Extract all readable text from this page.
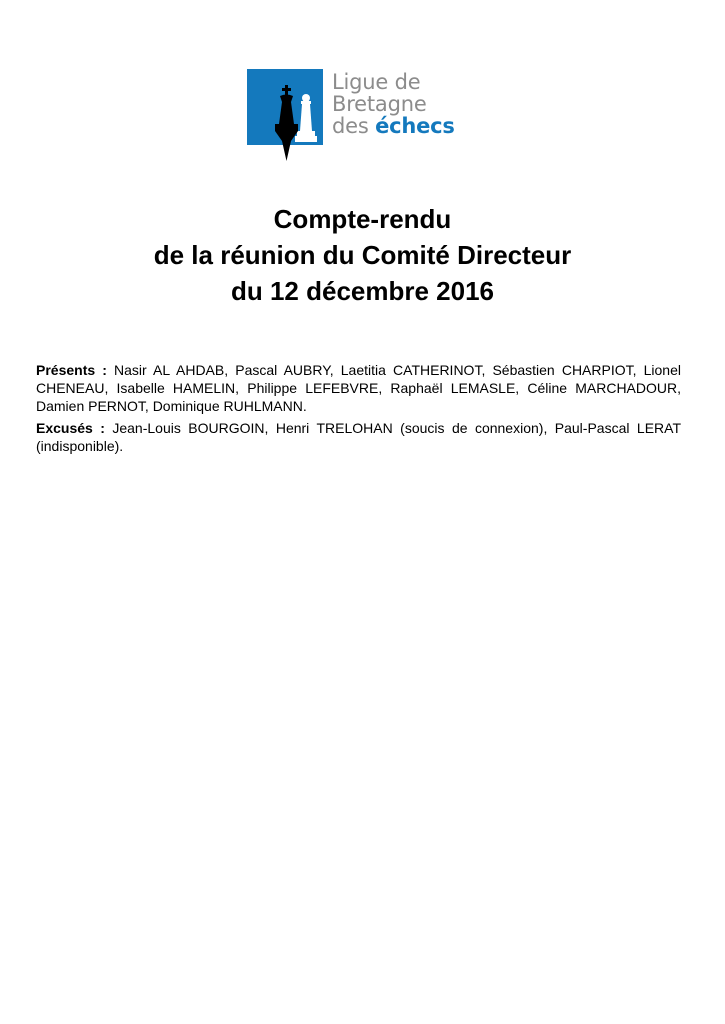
Ligue de
Bretagne
des échecs
Compte-rendu
de la réunion du Comité Directeur
du 12 décembre 2016

Présents : Nasir AL AHDAB, Pascal AUBRY, Laetitia CATHERINOT, Sébastien CHARPIOT, Lionel CHENEAU, Isabelle HAMELIN, Philippe LEFEBVRE, Raphaël LEMASLE, Céline MARCHADOUR, Damien PERNOT, Dominique RUHLMANN.

Excusés : Jean-Louis BOURGOIN, Henri TRELOHAN (soucis de connexion), Paul-Pascal LERAT (indisponible).
